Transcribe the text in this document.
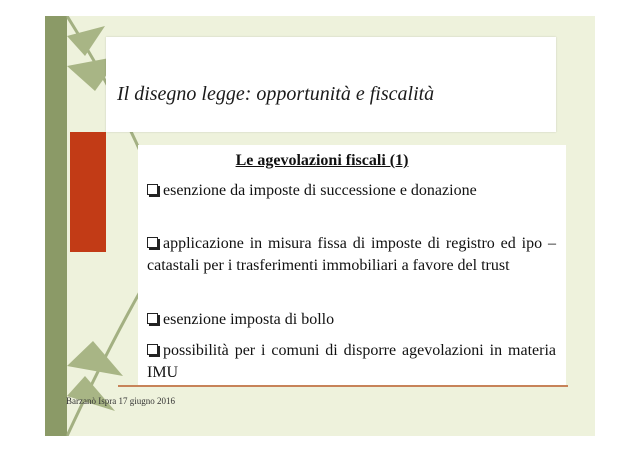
Il disegno legge: opportunità e fiscalità
Le agevolazioni fiscali (1)
esenzione da imposte di successione e donazione
applicazione in misura fissa di imposte di registro ed ipo – catastali per i trasferimenti immobiliari a favore del trust
esenzione imposta di bollo
possibilità per i comuni di disporre agevolazioni in materia IMU
Barzanò Ispra 17 giugno 2016
